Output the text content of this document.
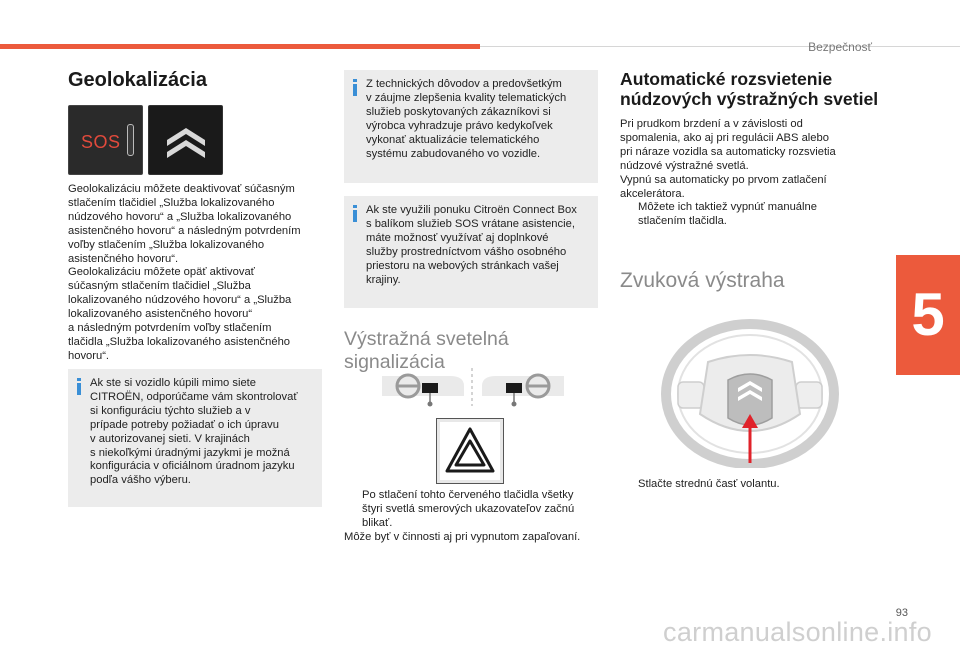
Bezpečnosť
5
Geolokalizácia
SOS
Geolokalizáciu môžete deaktivovať súčasným
stlačením tlačidiel „Služba lokalizovaného
núdzového hovoru“ a „Služba lokalizovaného
asistenčného hovoru“ a následným potvrdením
voľby stlačením „Služba lokalizovaného
asistenčného hovoru“.
Geolokalizáciu môžete opäť aktivovať
súčasným stlačením tlačidiel „Služba
lokalizovaného núdzového hovoru“ a „Služba
lokalizovaného asistenčného hovoru“
a následným potvrdením voľby stlačením
tlačidla „Služba lokalizovaného asistenčného
hovoru“.
Ak ste si vozidlo kúpili mimo siete
CITROËN, odporúčame vám skontrolovať
si konfiguráciu týchto služieb a v
prípade potreby požiadať o ich úpravu
v autorizovanej sieti. V krajinách
s niekoľkými úradnými jazykmi je možná
konfigurácia v oficiálnom úradnom jazyku
podľa vášho výberu.
Z technických dôvodov a predovšetkým
v záujme zlepšenia kvality telematických
služieb poskytovaných zákazníkovi si
výrobca vyhradzuje právo kedykoľvek
vykonať aktualizácie telematického
systému zabudovaného vo vozidle.
Ak ste využili ponuku Citroën Connect Box
s balíkom služieb SOS vrátane asistencie,
máte možnosť využívať aj doplnkové
služby prostredníctvom vášho osobného
priestoru na webových stránkach vašej
krajiny.
Výstražná svetelná signalizácia
Po stlačení tohto červeného tlačidla všetky
štyri svetlá smerových ukazovateľov začnú
blikať.
Môže byť v činnosti aj pri vypnutom zapaľovaní.
Automatické rozsvietenie
núdzových výstražných svetiel
Pri prudkom brzdení a v závislosti od
spomalenia, ako aj pri regulácii ABS alebo
pri náraze vozidla sa automaticky rozsvietia
núdzové výstražné svetlá.
Vypnú sa automaticky po prvom zatlačení
akcelerátora.
Môžete ich taktiež vypnúť manuálne
stlačením tlačidla.
Zvuková výstraha
Stlačte strednú časť volantu.
93
carmanualsonline.info
